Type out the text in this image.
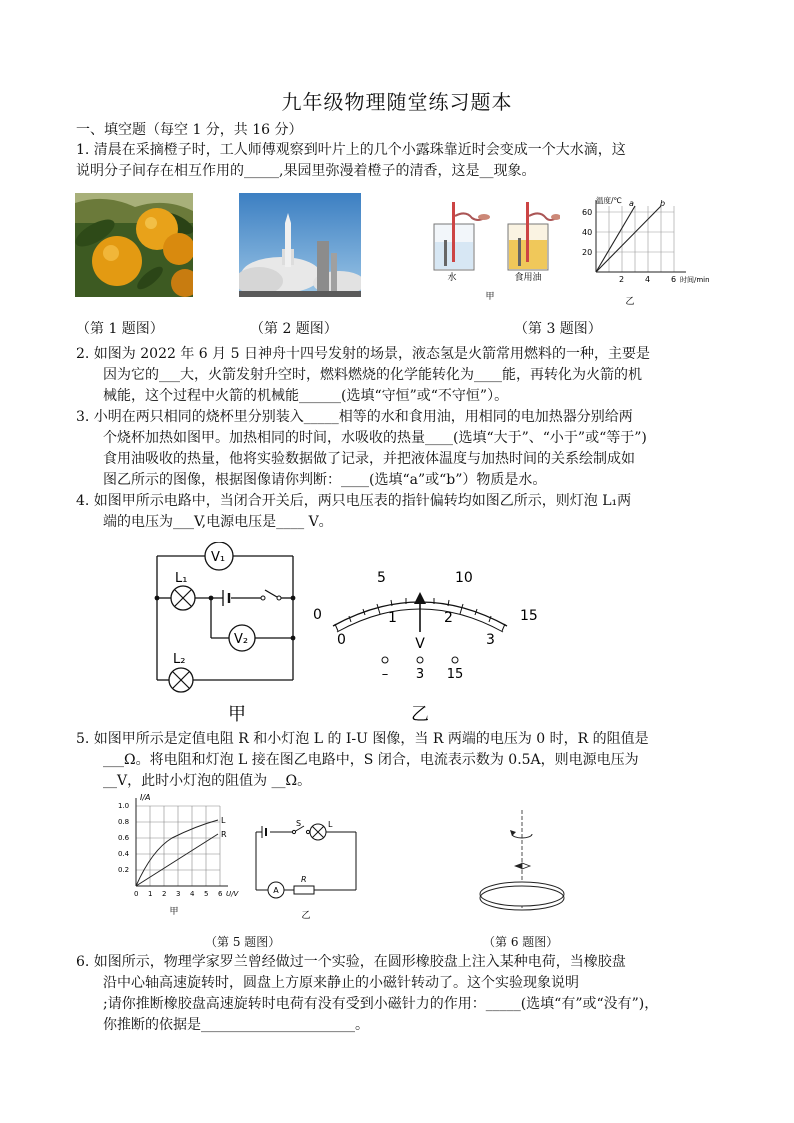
九年级物理随堂练习题本
一、填空题（每空 1 分，共 16 分）
1. 清晨在采摘橙子时，工人师傅观察到叶片上的几个小露珠靠近时会变成一个大水滴，这
说明分子间存在相互作用的_____,果园里弥漫着橙子的清香，这是__现象。
水	食用油
甲
a	b
温度/℃
60
40
20
2	4	6 时间/min
乙
（第 1 题图）	（第 2 题图）	（第 3 题图）
2. 如图为 2022 年 6 月 5 日神舟十四号发射的场景，液态氢是火箭常用燃料的一种，主要是
因为它的___大，火箭发射升空时，燃料燃烧的化学能转化为____能，再转化为火箭的机
械能，这个过程中火箭的机械能______(选填“守恒”或“不守恒”）。
3. 小明在两只相同的烧杯里分别装入_____相等的水和食用油，用相同的电加热器分别给两
个烧杯加热如图甲。加热相同的时间，水吸收的热量____(选填“大于”、“小于”或“等于”)
食用油吸收的热量，他将实验数据做了记录，并把液体温度与加热时间的关系绘制成如
图乙所示的图像，根据图像请你判断：____(选填“a”或“b”）物质是水。
4. 如图甲所示电路中，当闭合开关后，两只电压表的指针偏转均如图乙所示，则灯泡 L₁两
端的电压为___V,电源电压是____ V。
V₁
V₂
L₁
L₂
甲
0
5	10
15
0
1	2
3
V
– 3 15
乙
5. 如图甲所示是定值电阻 R 和小灯泡 L 的 I-U 图像，当 R 两端的电压为 0 时，R 的阻值是
___Ω。将电阻和灯泡 L 接在图乙电路中，S 闭合，电流表示数为 0.5A，则电源电压为
__V，此时小灯泡的阻值为 __Ω。
L
R
I/A
1.0
0.8
0.6
0.4
0.2
0 1 2 3 4 5 6 U/V
甲
S	L
A
R
乙
（第 5 题图）	（第 6 题图）
6. 如图所示，物理学家罗兰曾经做过一个实验，在圆形橡胶盘上注入某种电荷，当橡胶盘
沿中心轴高速旋转时，圆盘上方原来静止的小磁针转动了。这个实验现象说明
;请你推断橡胶盘高速旋转时电荷有没有受到小磁针力的作用：_____(选填“有”或“没有”)，
你推断的依据是______________________。
